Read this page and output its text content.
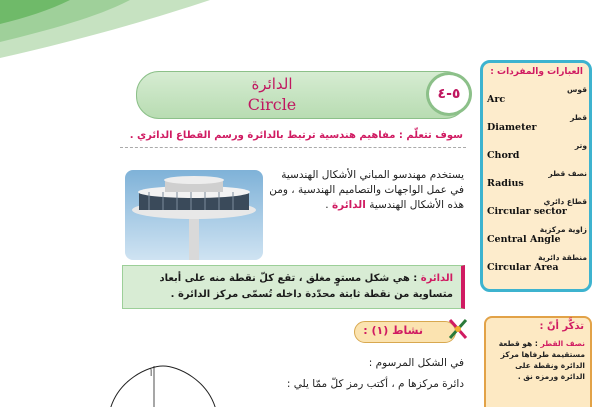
الدائرة
Circle
٥-٤
سوف تتعلّم : مفاهيم هندسية ترتبط بالدائرة ورسم القطاع الدائري .
يستخدم مهندسو المباني الأشكال الهندسية في عمل الواجهات والتصاميم الهندسية ، ومن هذه الأشكال الهندسية الدائرة .
الدائرة : هي شكل مستوٍ مغلق ، تقع كلّ نقطة منه على أبعاد متساوية من نقطة ثابتة محدّدة داخله تُسمّى مركز الدائرة .
نشاط (١) :
في الشكل المرسوم :
دائرة مركزها م ، أكتب رمز كلّ ممّا يلي :
أ
العبارات والمفردات :
قوس
Arc
قطر
Diameter
وتر
Chord
نصف قطر
Radius
قطاع دائري
Circular sector
زاوية مركزية
Central Angle
منطقة دائرية
Circular Area
تذكَّر أنّ :
نصف القطر : هو قطعة مستقيمة طرفاها مركز الدائرة ونقطة على الدائرة ورمزه نق .
